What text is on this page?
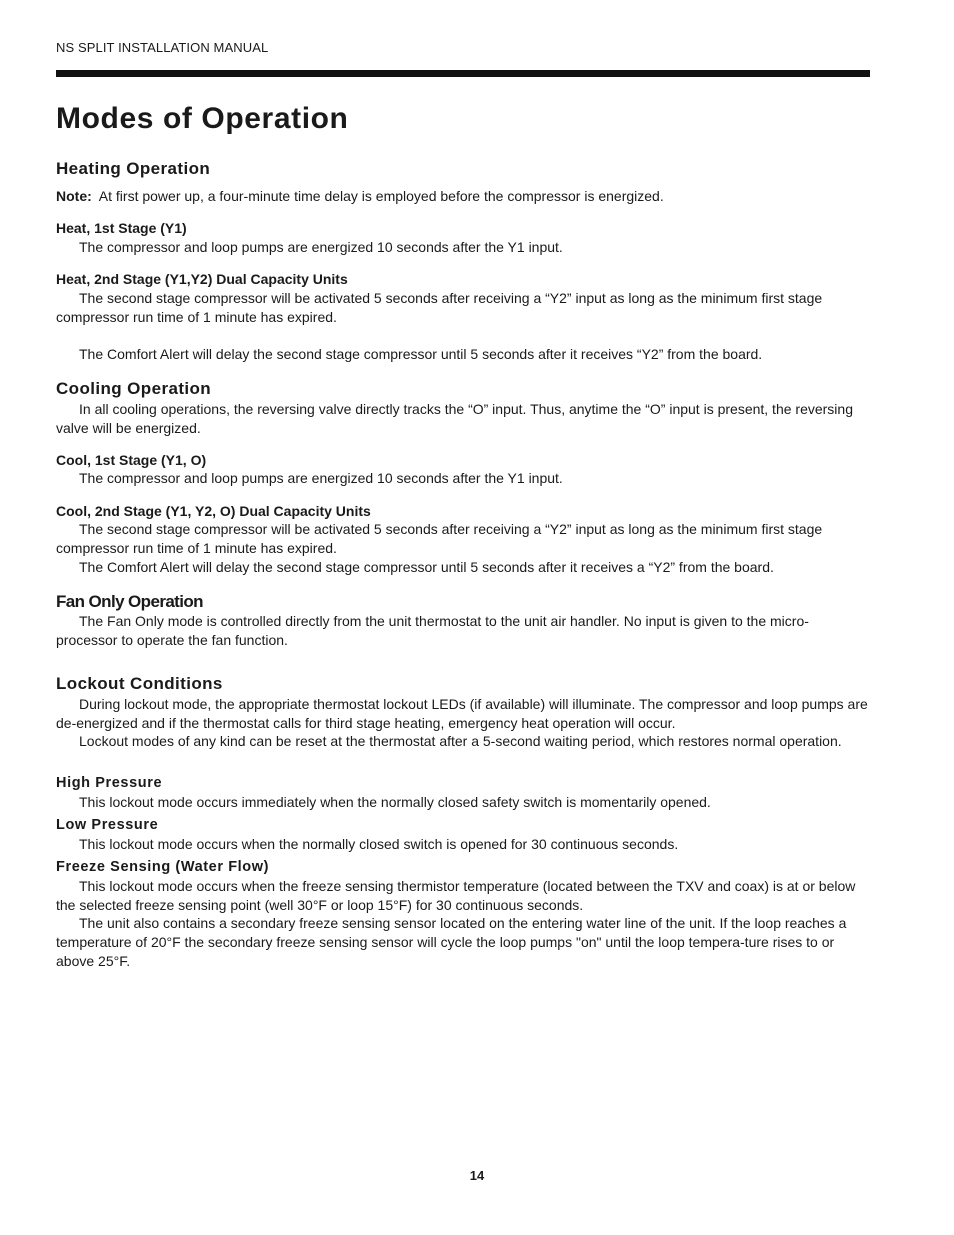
NS SPLIT INSTALLATION MANUAL
Modes of Operation
Heating Operation
Note: At first power up, a four-minute time delay is employed before the compressor is energized.
Heat, 1st Stage (Y1)
The compressor and loop pumps are energized 10 seconds after the Y1 input.
Heat, 2nd Stage (Y1,Y2) Dual Capacity Units
The second stage compressor will be activated 5 seconds after receiving a “Y2” input as long as the minimum first stage compressor run time of 1 minute has expired.
The Comfort Alert will delay the second stage compressor until 5 seconds after it receives “Y2” from the board.
Cooling Operation
In all cooling operations, the reversing valve directly tracks the “O” input. Thus, anytime the “O” input is present, the reversing valve will be energized.
Cool, 1st Stage (Y1, O)
The compressor and loop pumps are energized 10 seconds after the Y1 input.
Cool, 2nd Stage (Y1, Y2, O) Dual Capacity Units
The second stage compressor will be activated 5 seconds after receiving a “Y2” input as long as the minimum first stage compressor run time of 1 minute has expired.
The Comfort Alert will delay the second stage compressor until 5 seconds after it receives a “Y2” from the board.
Fan Only Operation
The Fan Only mode is controlled directly from the unit thermostat to the unit air handler. No input is given to the micro-processor to operate the fan function.
Lockout Conditions
During lockout mode, the appropriate thermostat lockout LEDs (if available) will illuminate. The compressor and loop pumps are de-energized and if the thermostat calls for third stage heating, emergency heat operation will occur.
Lockout modes of any kind can be reset at the thermostat after a 5-second waiting period, which restores normal operation.
High Pressure
This lockout mode occurs immediately when the normally closed safety switch is momentarily opened.
Low Pressure
This lockout mode occurs when the normally closed switch is opened for 30 continuous seconds.
Freeze Sensing (Water Flow)
This lockout mode occurs when the freeze sensing thermistor temperature (located between the TXV and coax) is at or below the selected freeze sensing point (well 30°F or loop 15°F) for 30 continuous seconds.
The unit also contains a secondary freeze sensing sensor located on the entering water line of the unit. If the loop reaches a temperature of 20°F the secondary freeze sensing sensor will cycle the loop pumps "on" until the loop tempera-ture rises to or above 25°F.
14
